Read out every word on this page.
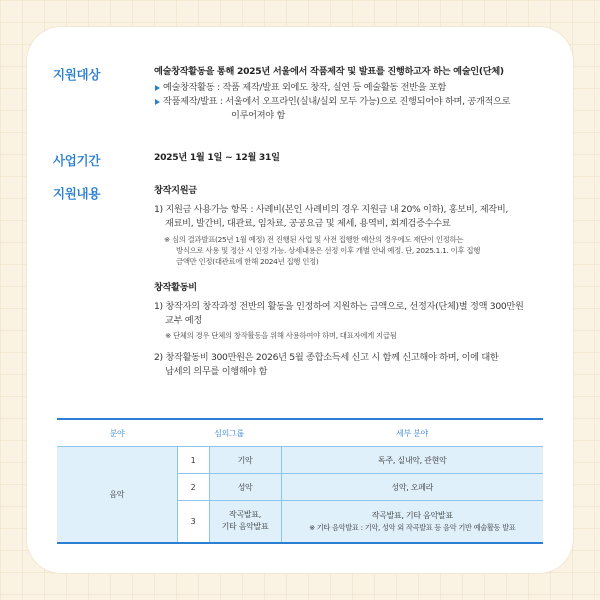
지원대상	예술창작활동을 통해 2025년 서울에서 작품제작 및 발표를 진행하고자 하는 예술인(단체)
예술창작활동 : 작품 제작/발표 외에도 창작, 실연 등 예술활동 전반을 포함
작품제작/발표 : 서울에서 오프라인(실내/실외 모두 가능)으로 진행되어야 하며, 공개적으로
이루어져야 함
사업기간	2025년 1월 1일 ~ 12월 31일
지원내용	창작지원금
1) 지원금 사용가능 항목 : 사례비(본인 사례비의 경우 지원금 내 20% 이하), 홍보비, 제작비,
재료비, 발간비, 대관료, 임차료, 공공요금 및 제세, 용역비, 회계검증수수료
※ 심의 결과발표(25년 1월 예정) 전 진행된 사업 및 사전 집행한 예산의 경우에도 재단이 인정하는
방식으로 사용 및 정산 시 인정 가능. 상세내용은 선정 이후 개별 안내 예정. 단, 2025.1.1. 이후 집행
금액만 인정(대관료에 한해 2024년 집행 인정)
창작활동비
1) 창작자의 창작과정 전반의 활동을 인정하여 지원하는 금액으로, 선정자(단체)별 정액 300만원
교부 예정
※ 단체의 경우 단체의 창작활동을 위해 사용하여야 하며, 대표자에게 지급됨
2) 창작활동비 300만원은 2026년 5월 종합소득세 신고 시 함께 신고해야 하며, 이에 대한
납세의 의무를 이행해야 함
분야	심의그룹		세부 분야
음악	1	기악	독주, 실내악, 관현악
	2	성악	성악, 오페라
	3	작곡발표,
기타 음악발표	작곡발표, 기타 음악발표
※ 기타 음악발표 : 기악, 성악 외 작곡발표 등 음악 기반 예술활동 발표
